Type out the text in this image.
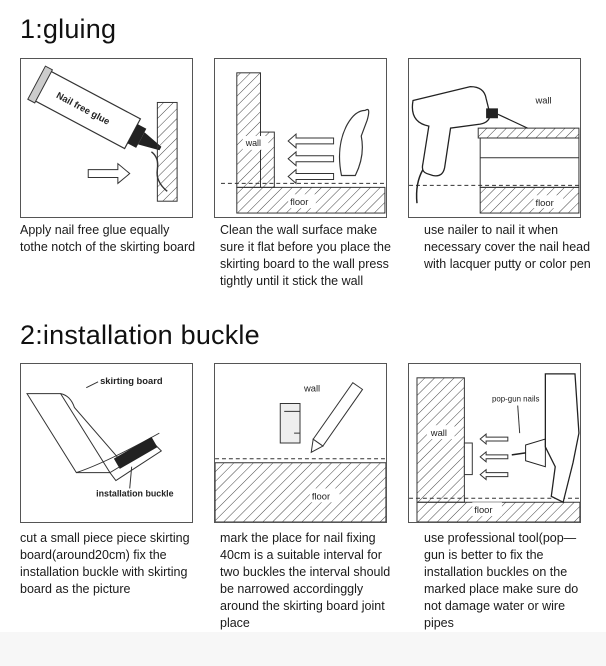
1:gluing
Nail free glue
wall
floor
wall
floor
Apply nail free glue equally tothe notch of the skirting board
Clean the wall surface make sure it flat before you place the skirting board to the wall press tightly until it stick the wall
use nailer to nail it when necessary cover the nail head with lacquer putty or color pen
2:installation buckle
skirting board
installation buckle
wall
floor
wall
floor
pop-gun nails
cut a small piece piece skirting board(around20cm) fix the installation buckle with skirting board as the picture
mark the place for nail fixing 40cm is a suitable interval for two buckles the interval should be narrowed accordinggly around the skirting board joint place
use professional tool(pop—gun is better to fix the installation buckles on the marked place make sure do not damage water or wire pipes
